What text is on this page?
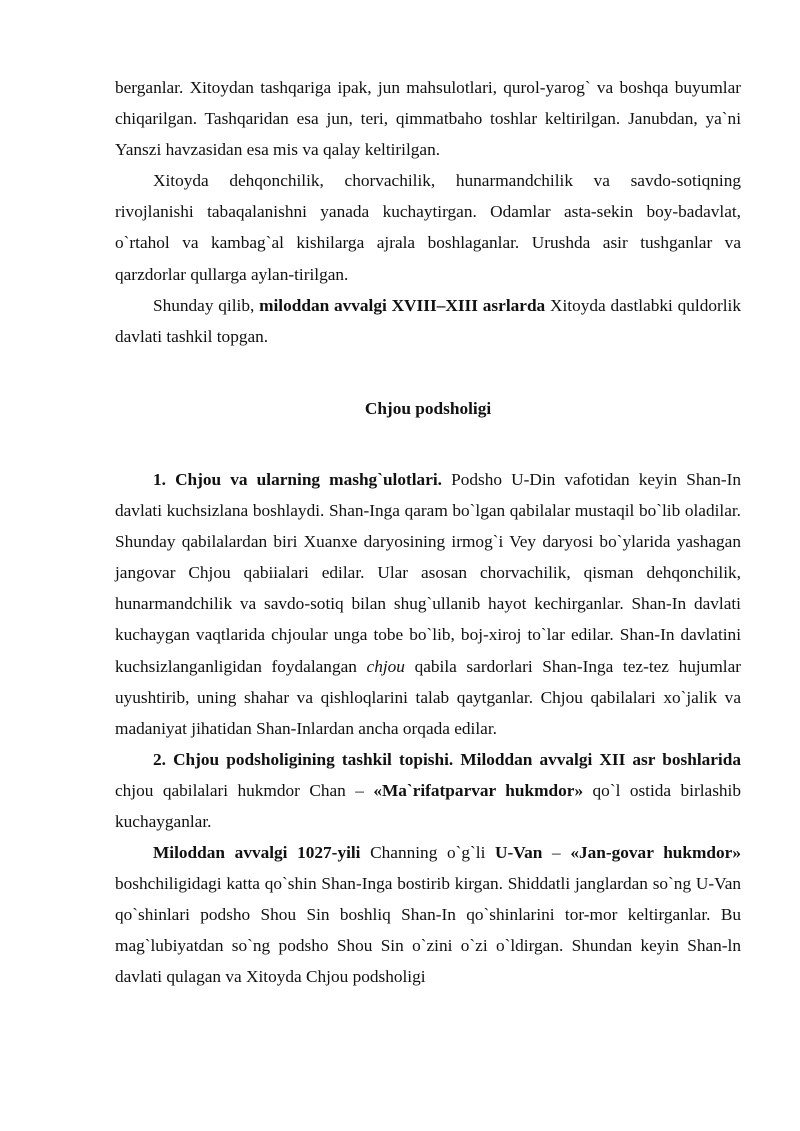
berganlar. Xitoydan tashqariga ipak, jun mahsulotlari, qurol-yarog` va boshqa buyumlar chiqarilgan. Tashqaridan esa jun, teri, qimmatbaho toshlar keltirilgan. Janubdan, ya`ni Yanszi havzasidan esa mis va qalay keltirilgan.

Xitoyda dehqonchilik, chorvachilik, hunarmandchilik va savdo-sotiqning rivojlanishi tabaqalanishni yanada kuchaytirgan. Odamlar asta-sekin boy-badavlat, o`rtahol va kambag`al kishilarga ajrala boshlaganlar. Urushda asir tushganlar va qarzdorlar qullarga aylan-tirilgan.

Shunday qilib, miloddan avvalgi XVIII–XIII asrlarda Xitoyda dastlabki quldorlik davlati tashkil topgan.

Chjou podsholigi

1. Chjou va ularning mashg`ulotlari. Podsho U-Din vafotidan keyin Shan-In davlati kuchsizlana boshlaydi. Shan-Inga qaram bo`lgan qabilalar mustaqil bo`lib oladilar. Shunday qabilalardan biri Xuanxe daryosining irmog`i Vey daryosi bo`ylarida yashagan jangovar Chjou qabiialari edilar. Ular asosan chorvachilik, qisman dehqonchilik, hunarmandchilik va savdo-sotiq bilan shug`ullanib hayot kechirganlar. Shan-In davlati kuchaygan vaqtlarida chjoular unga tobe bo`lib, boj-xiroj to`lar edilar. Shan-In davlatini kuchsizlanganligidan foydalangan chjou qabila sardorlari Shan-Inga tez-tez hujumlar uyushtirib, uning shahar va qishloqlarini talab qaytganlar. Chjou qabilalari xo`jalik va madaniyat jihatidan Shan-Inlardan ancha orqada edilar.

2. Chjou podsholigining tashkil topishi. Miloddan avvalgi XII asr boshlarida chjou qabilalari hukmdor Chan – «Ma`rifatparvar hukmdor» qo`l ostida birlashib kuchayganlar.

Miloddan avvalgi 1027-yili Channing o`g`li U-Van – «Jan-govar hukmdor» boshchiligidagi katta qo`shin Shan-Inga bostirib kirgan. Shiddatli janglardan so`ng U-Van qo`shinlari podsho Shou Sin boshliq Shan-In qo`shinlarini tor-mor keltirganlar. Bu mag`lubiyatdan so`ng podsho Shou Sin o`zini o`zi o`ldirgan. Shundan keyin Shan-ln davlati qulagan va Xitoyda Chjou podsholigi
